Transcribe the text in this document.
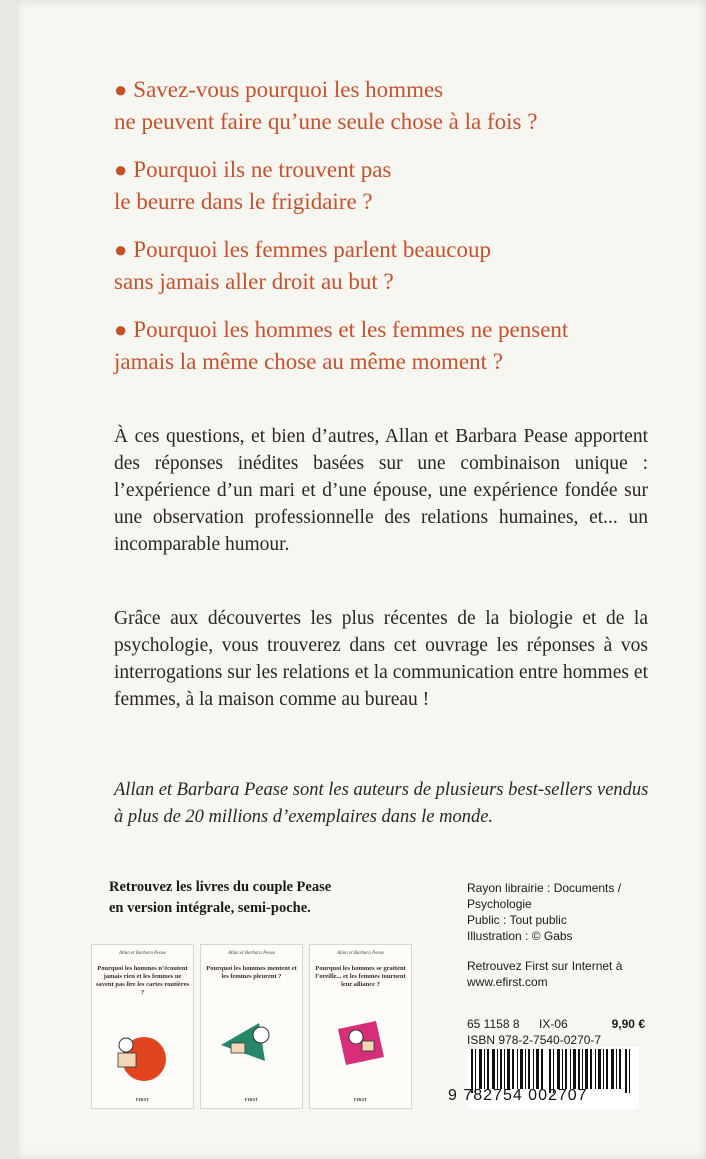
● Savez-vous pourquoi les hommes
ne peuvent faire qu’une seule chose à la fois ?
● Pourquoi ils ne trouvent pas
le beurre dans le frigidaire ?
● Pourquoi les femmes parlent beaucoup
sans jamais aller droit au but ?
● Pourquoi les hommes et les femmes ne pensent
jamais la même chose au même moment ?
À ces questions, et bien d’autres, Allan et Barbara Pease apportent des réponses inédites basées sur une combinaison unique : l’expérience d’un mari et d’une épouse, une expérience fondée sur une observation professionnelle des relations humaines, et... un incomparable humour.
Grâce aux découvertes les plus récentes de la biologie et de la psychologie, vous trouverez dans cet ouvrage les réponses à vos interrogations sur les relations et la communication entre hommes et femmes, à la maison comme au bureau !
Allan et Barbara Pease sont les auteurs de plusieurs best-sellers vendus à plus de 20 millions d’exemplaires dans le monde.
Retrouvez les livres du couple Pease
en version intégrale, semi-poche.
Allan et Barbara Pease
Pourquoi les hommes n’écoutent jamais rien et les femmes ne savent pas lire les cartes routières ?
FIRST
Allan et Barbara Pease
Pourquoi les hommes mentent et les femmes pleurent ?
FIRST
Allan et Barbara Pease
Pourquoi les hommes se grattent l’oreille... et les femmes tournent leur alliance ?
FIRST
Rayon librairie : Documents /
Psychologie
Public : Tout public
Illustration : © Gabs
Retrouvez First sur Internet à
www.efirst.com
65 1158 8 IX-06	9,90 €
ISBN 978-2-7540-0270-7
9 782754 002707
